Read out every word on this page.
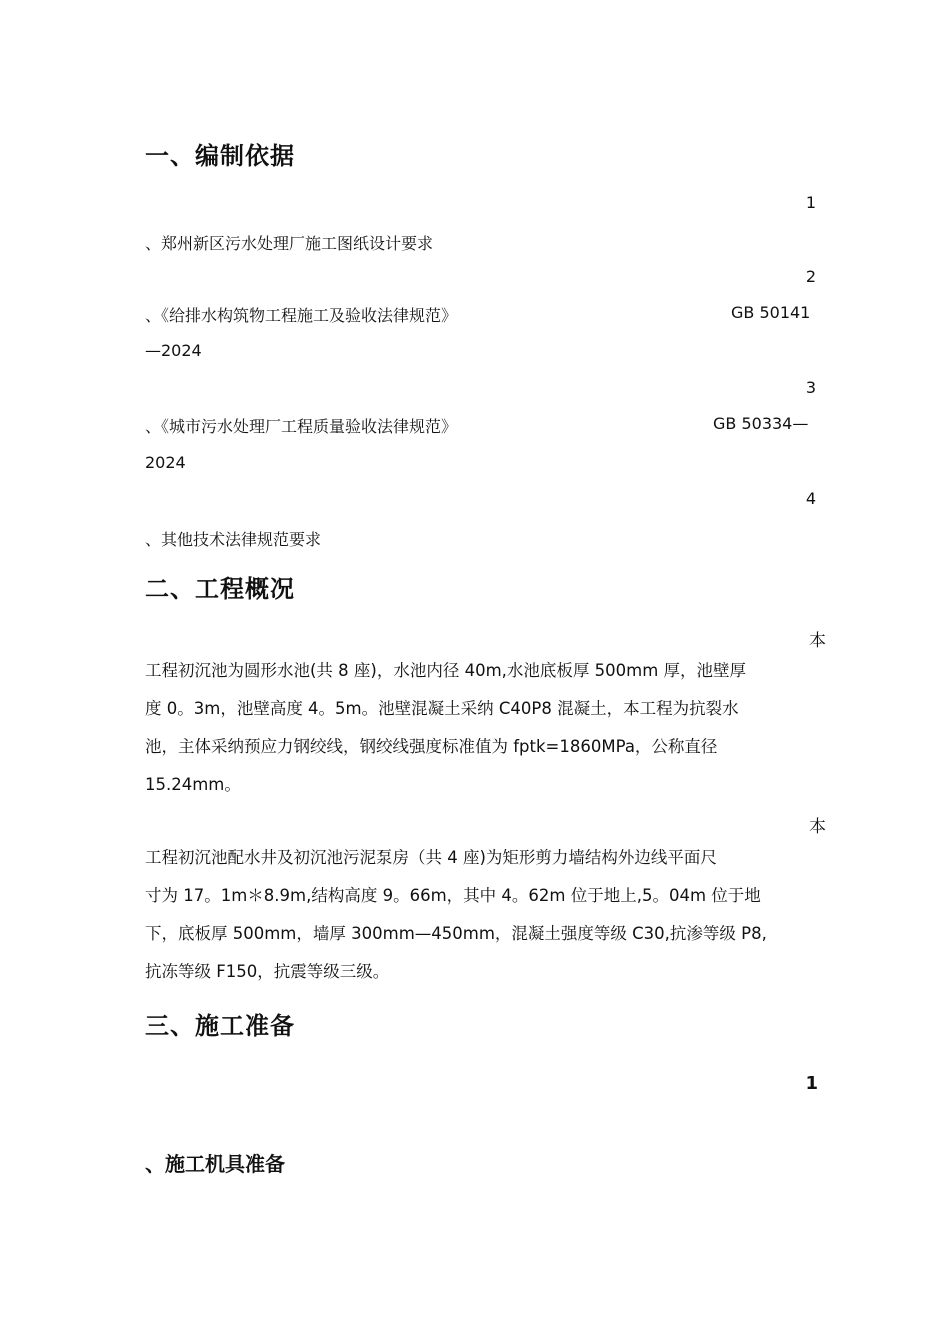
一、编制依据
1
、郑州新区污水处理厂施工图纸设计要求
2
、《给排水构筑物工程施工及验收法律规范》	GB 50141
—2024
3
、《城市污水处理厂工程质量验收法律规范》	GB 50334—
2024
4
、其他技术法律规范要求
二、工程概况
本

工程初沉池为圆形水池(共 8 座)，水池内径 40m,水池底板厚 500mm 厚，池壁厚

度 0。3m，池壁高度 4。5m。池壁混凝土采纳 C40P8 混凝土，本工程为抗裂水

池，主体采纳预应力钢绞线，钢绞线强度标准值为 fptk=1860MPa，公称直径

15.24mm。

本

工程初沉池配水井及初沉池污泥泵房（共 4 座)为矩形剪力墙结构外边线平面尺

寸为 17。1m＊8.9m,结构高度 9。66m，其中 4。62m 位于地上,5。04m 位于地

下，底板厚 500mm，墙厚 300mm—450mm，混凝土强度等级 C30,抗渗等级 P8,

抗冻等级 F150，抗震等级三级。

三、施工准备
1
、施工机具准备
